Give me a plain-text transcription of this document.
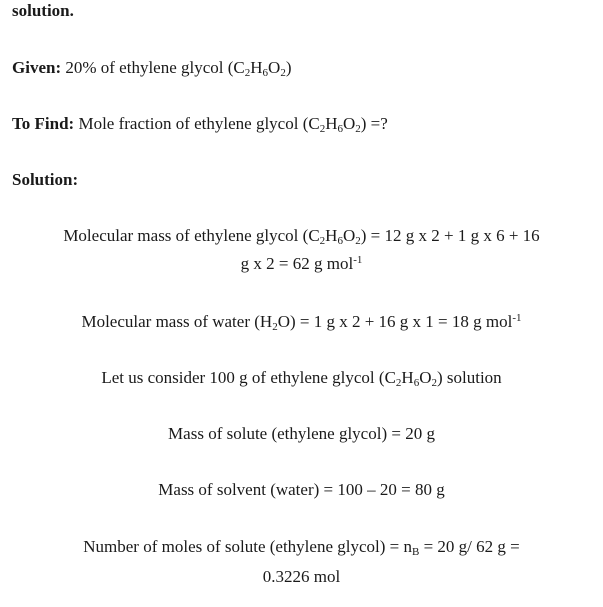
solution.
Given: 20% of ethylene glycol $(C_2H_6O_2)$
To Find: Mole fraction of ethylene glycol $(C_2H_6O_2)$ =?
Solution:
Molecular mass of ethylene glycol $(C_2H_6O_2) = 12$ g x 2 + 1 g x 6 + 16
g x 2 = 62 g mol$^{-1}$
Molecular mass of water $(H_2O) = 1$ g x 2 + 16 g x 1 = 18 g mol$^{-1}$
Let us consider 100 g of ethylene glycol $(C_2H_6O_2)$ solution
Mass of solute (ethylene glycol) = 20 g
Mass of solvent (water) = 100 – 20 = 80 g
Number of moles of solute (ethylene glycol) = $n_B = 20$ g/ 62 g =
0.3226 mol
